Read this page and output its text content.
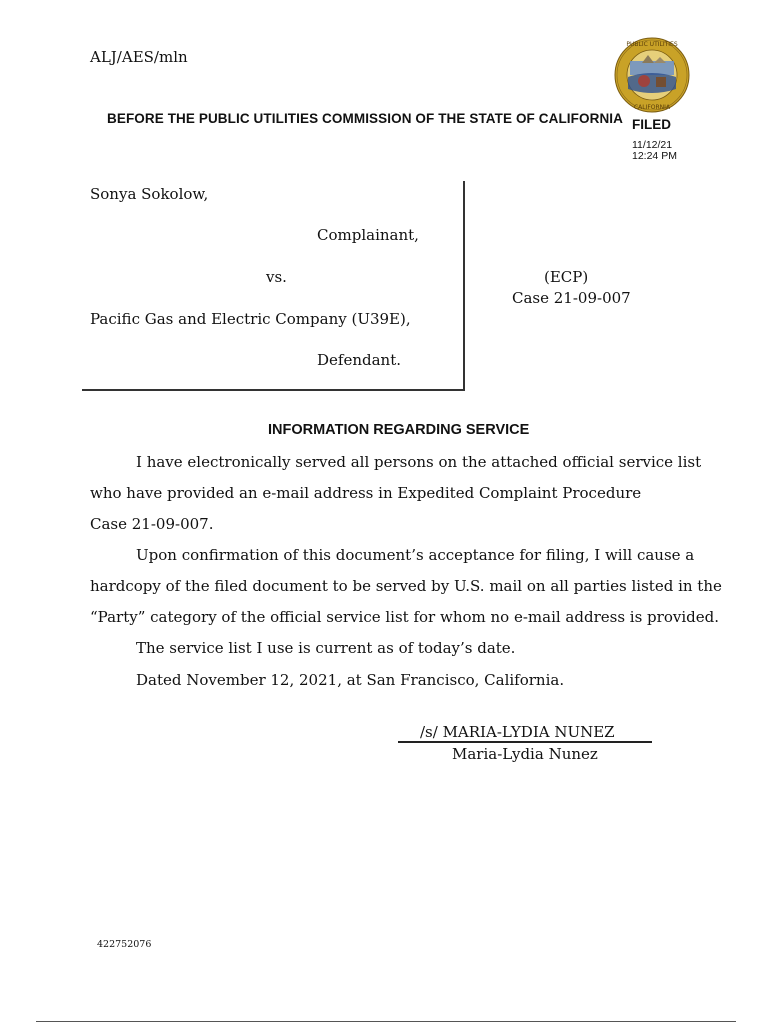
ALJ/AES/mln
PUBLIC UTILITIES
CALIFORNIA
BEFORE THE PUBLIC UTILITIES COMMISSION OF THE STATE OF CALIFORNIA FILED
11/12/21
12:24 PM
Sonya Sokolow,
Complainant,
vs.
Pacific Gas and Electric Company (U39E),
Defendant.
(ECP)
Case 21-09-007
INFORMATION REGARDING SERVICE
I have electronically served all persons on the attached official service list
who have provided an e-mail address in Expedited Complaint Procedure
Case 21-09-007.
Upon confirmation of this document’s acceptance for filing, I will cause a
hardcopy of the filed document to be served by U.S. mail on all parties listed in the
“Party” category of the official service list for whom no e-mail address is provided.
The service list I use is current as of today’s date.
Dated November 12, 2021, at San Francisco, California.
/s/ MARIA-LYDIA NUNEZ
Maria-Lydia Nunez
422752076
